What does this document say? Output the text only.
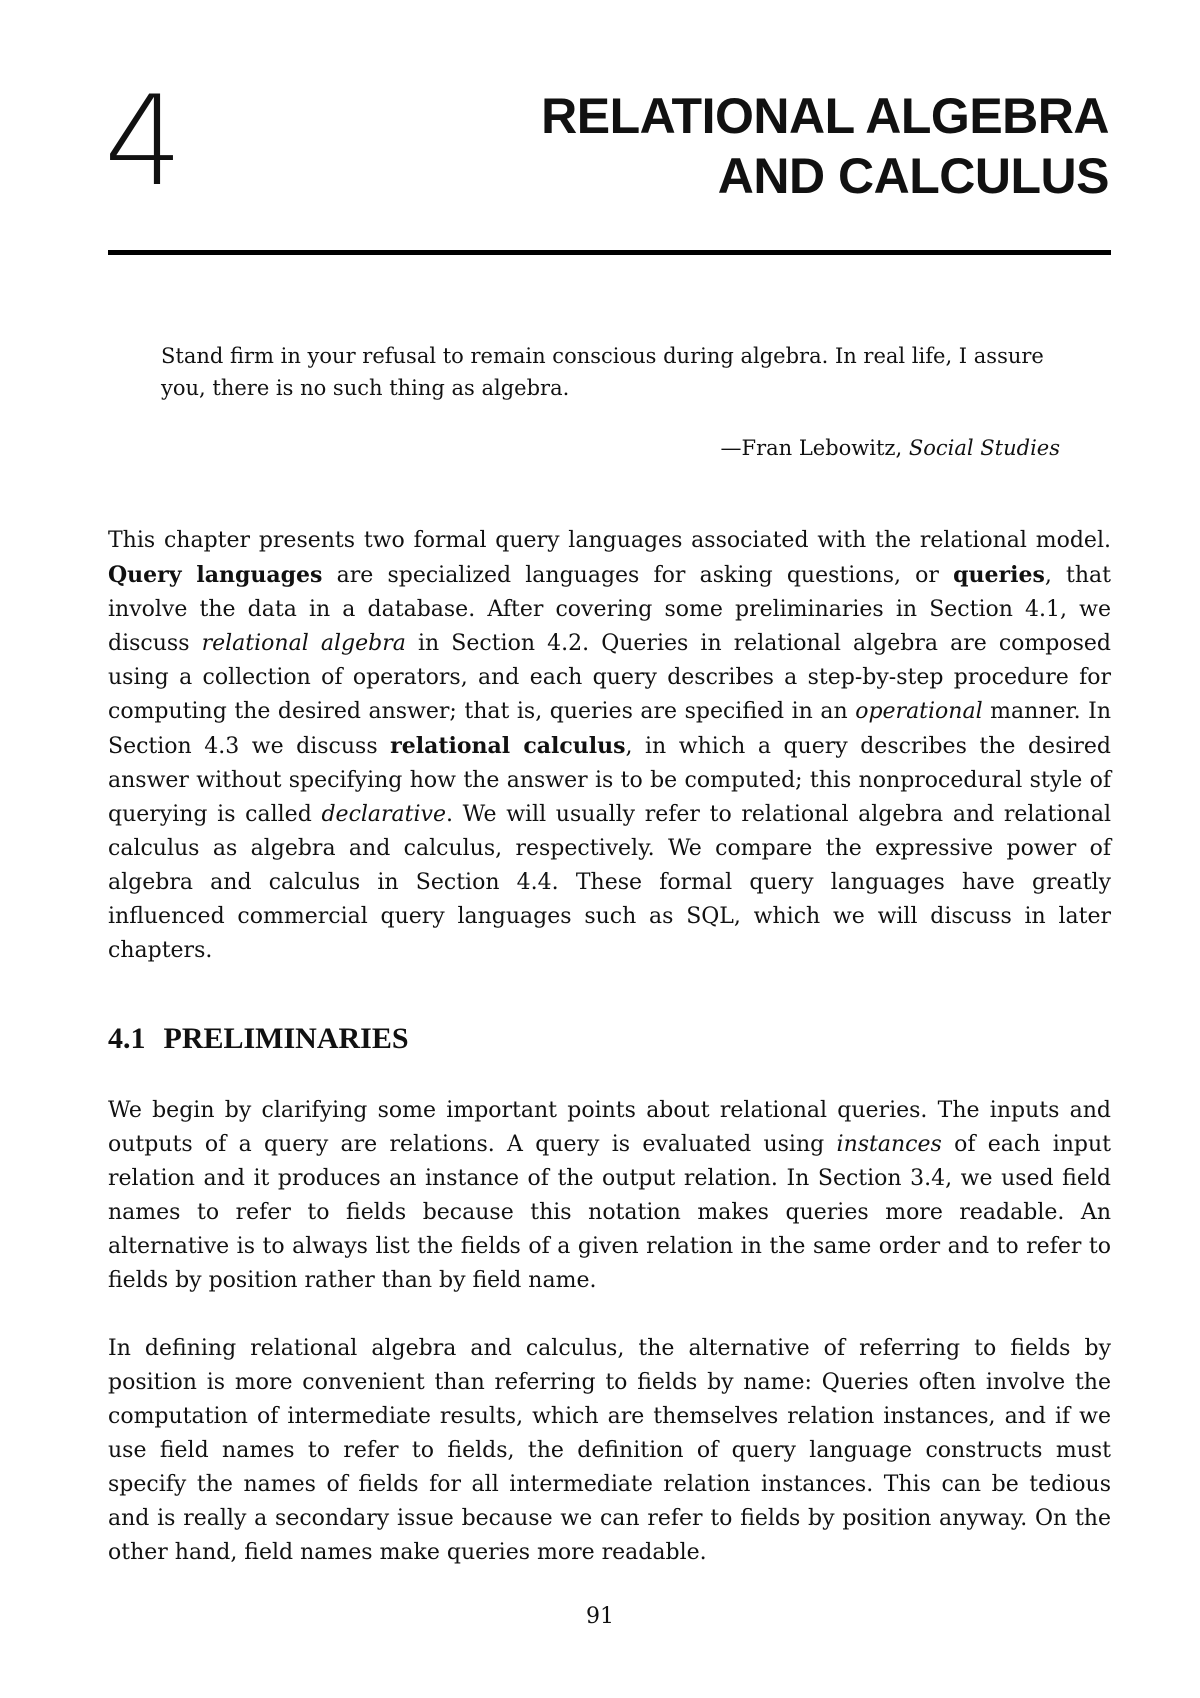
4	RELATIONAL ALGEBRA
AND CALCULUS
Stand firm in your refusal to remain conscious during algebra. In real life, I assure you, there is no such thing as algebra.
—Fran Lebowitz, Social Studies

This chapter presents two formal query languages associated with the relational model. Query languages are specialized languages for asking questions, or queries, that involve the data in a database. After covering some preliminaries in Section 4.1, we discuss relational algebra in Section 4.2. Queries in relational algebra are composed using a collection of operators, and each query describes a step-by-step procedure for computing the desired answer; that is, queries are specified in an operational manner. In Section 4.3 we discuss relational calculus, in which a query describes the desired answer without specifying how the answer is to be computed; this nonprocedural style of querying is called declarative. We will usually refer to relational algebra and relational calculus as algebra and calculus, respectively. We compare the expressive power of algebra and calculus in Section 4.4. These formal query languages have greatly influenced commercial query languages such as SQL, which we will discuss in later chapters.

4.1 PRELIMINARIES

We begin by clarifying some important points about relational queries. The inputs and outputs of a query are relations. A query is evaluated using instances of each input relation and it produces an instance of the output relation. In Section 3.4, we used field names to refer to fields because this notation makes queries more readable. An alternative is to always list the fields of a given relation in the same order and to refer to fields by position rather than by field name.

In defining relational algebra and calculus, the alternative of referring to fields by position is more convenient than referring to fields by name: Queries often involve the computation of intermediate results, which are themselves relation instances, and if we use field names to refer to fields, the definition of query language constructs must specify the names of fields for all intermediate relation instances. This can be tedious and is really a secondary issue because we can refer to fields by position anyway. On the other hand, field names make queries more readable.

91
